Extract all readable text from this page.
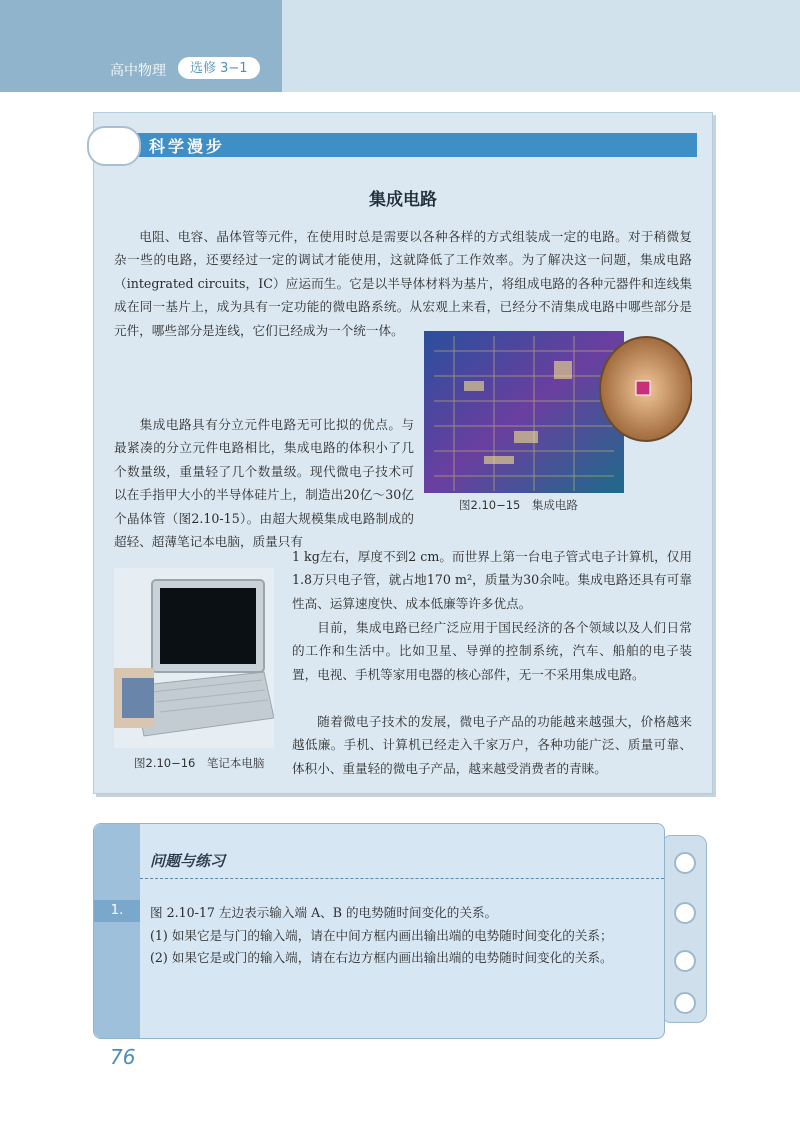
高中物理	选修 3−1
科学漫步
集成电路
电阻、电容、晶体管等元件，在使用时总是需要以各种各样的方式组装成一定的电路。对于稍微复杂一些的电路，还要经过一定的调试才能使用，这就降低了工作效率。为了解决这一问题，集成电路（integrated circuits，IC）应运而生。它是以半导体材料为基片，将组成电路的各种元器件和连线集成在同一基片上，成为具有一定功能的微电路系统。从宏观上来看，已经分不清集成电路中哪些部分是元件，哪些部分是连线，它们已经成为一个统一体。
图2.10−15　集成电路
集成电路具有分立元件电路无可比拟的优点。与最紧凑的分立元件电路相比，集成电路的体积小了几个数量级，重量轻了几个数量级。现代微电子技术可以在手指甲大小的半导体硅片上，制造出20亿～30亿个晶体管（图2.10-15）。由超大规模集成电路制成的超轻、超薄笔记本电脑，质量只有
图2.10−16　笔记本电脑
1 kg左右，厚度不到2 cm。而世界上第一台电子管式电子计算机，仅用1.8万只电子管，就占地170 m²，质量为30余吨。集成电路还具有可靠性高、运算速度快、成本低廉等许多优点。
目前，集成电路已经广泛应用于国民经济的各个领域以及人们日常的工作和生活中。比如卫星、导弹的控制系统，汽车、船舶的电子装置，电视、手机等家用电器的核心部件，无一不采用集成电路。
随着微电子技术的发展，微电子产品的功能越来越强大，价格越来越低廉。手机、计算机已经走入千家万户，各种功能广泛、质量可靠、体积小、重量轻的微电子产品，越来越受消费者的青睐。
问题与练习
1.	图 2.10-17 左边表示输入端 A、B 的电势随时间变化的关系。
(1) 如果它是与门的输入端，请在中间方框内画出输出端的电势随时间变化的关系；
(2) 如果它是或门的输入端，请在右边方框内画出输出端的电势随时间变化的关系。
76
